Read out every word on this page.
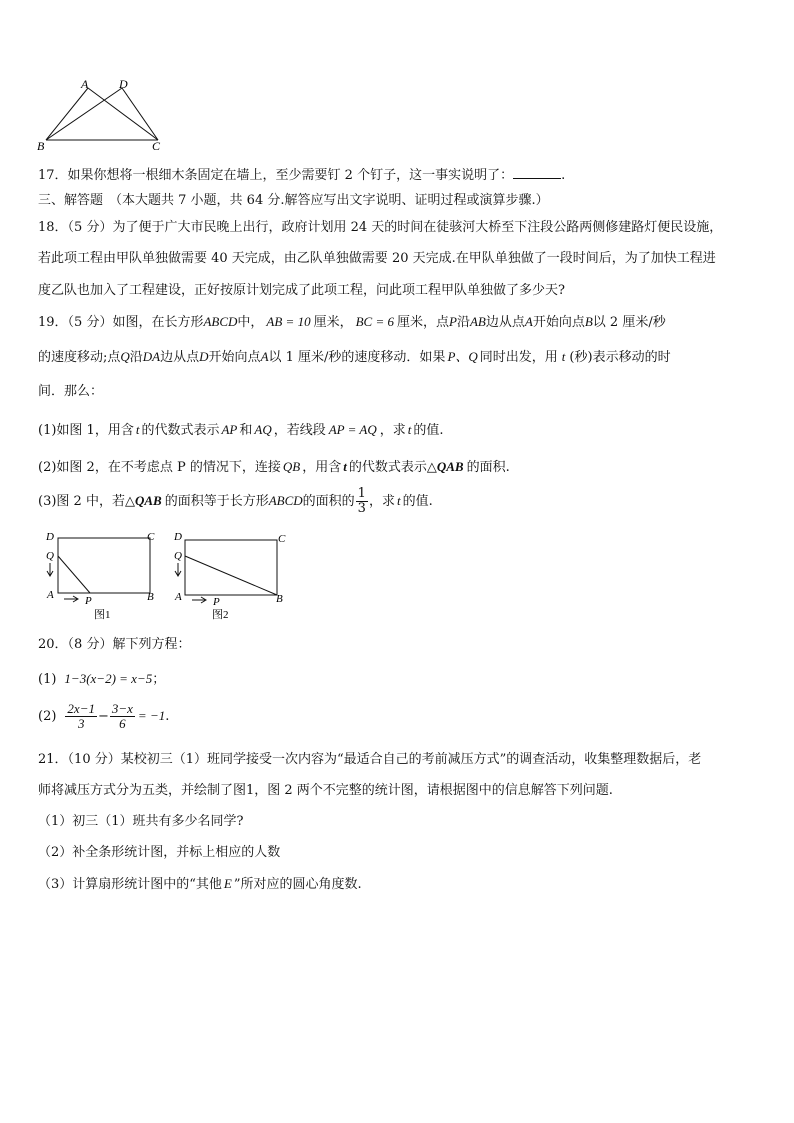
A	D
B	C
17．如果你想将一根细木条固定在墙上，至少需要钉 2 个钉子，这一事实说明了：	.
三、解答题 （本大题共 7 小题，共 64 分.解答应写出文字说明、证明过程或演算步骤.）
18．（5 分）为了便于广大市民晚上出行，政府计划用 24 天的时间在徒骇河大桥至下注段公路两侧修建路灯便民设施，
若此项工程由甲队单独做需要 40 天完成，由乙队单独做需要 20 天完成.在甲队单独做了一段时间后，为了加快工程进
度乙队也加入了工程建设，正好按原计划完成了此项工程，问此项工程甲队单独做了多少天?
19．（5 分）如图，在长方形ABCD中， AB = 10 厘米， BC = 6 厘米，点P沿AB边从点A开始向点B以 2 厘米/秒
的速度移动;点Q沿DA边从点D开始向点A以 1 厘米/秒的速度移动．如果 P、Q 同时出发，用 t (秒)表示移动的时
间．那么：
(1)如图 1，用含 t 的代数式表示 AP 和 AQ ，若线段 AP = AQ ，求 t 的值.
(2)如图 2，在不考虑点 P 的情况下，连接 QB ，用含 t 的代数式表示△QAB 的面积.
(3)图 2 中，若△QAB 的面积等于长方形ABCD的面积的 $\frac{1}{3}$ ，求 t 的值.
D	C
Q
A	P	B
图1
D	C
Q
A	P	B
图2
20．（8 分）解下列方程：
(1) 1−3(x−2) = x−5；
$(2) \frac{2x-1}{3} - \frac{3-x}{6} = -1$.
21．（10 分）某校初三（1）班同学接受一次内容为“最适合自己的考前减压方式”的调查活动，收集整理数据后，老
师将减压方式分为五类，并绘制了图1，图 2 两个不完整的统计图，请根据图中的信息解答下列问题.
（1）初三（1）班共有多少名同学?
（2）补全条形统计图，并标上相应的人数
（3）计算扇形统计图中的“其他 E ”所对应的圆心角度数.
